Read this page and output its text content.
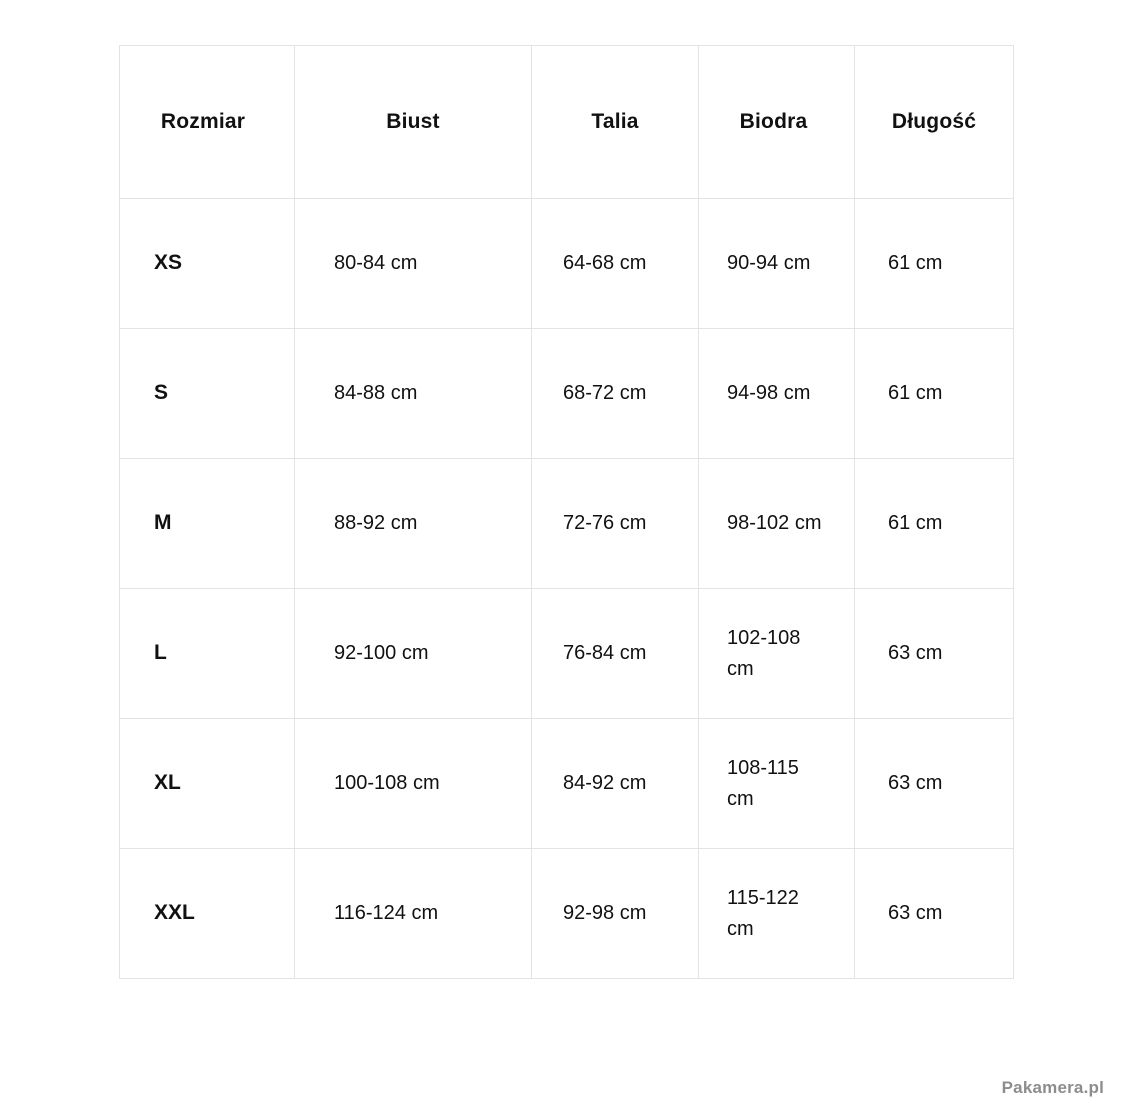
Rozmiar	Biust	Talia	Biodra	Długość

XS	80-84 cm	64-68 cm	90-94 cm	61 cm

S	84-88 cm	68-72 cm	94-98 cm	61 cm

M	88-92 cm	72-76 cm	98-102 cm	61 cm

L	92-100 cm	76-84 cm	102-108 cm	63 cm

XL	100-108 cm	84-92 cm	108-115 cm	63 cm

XXL	116-124 cm	92-98 cm	115-122 cm	63 cm
Pakamera.pl
